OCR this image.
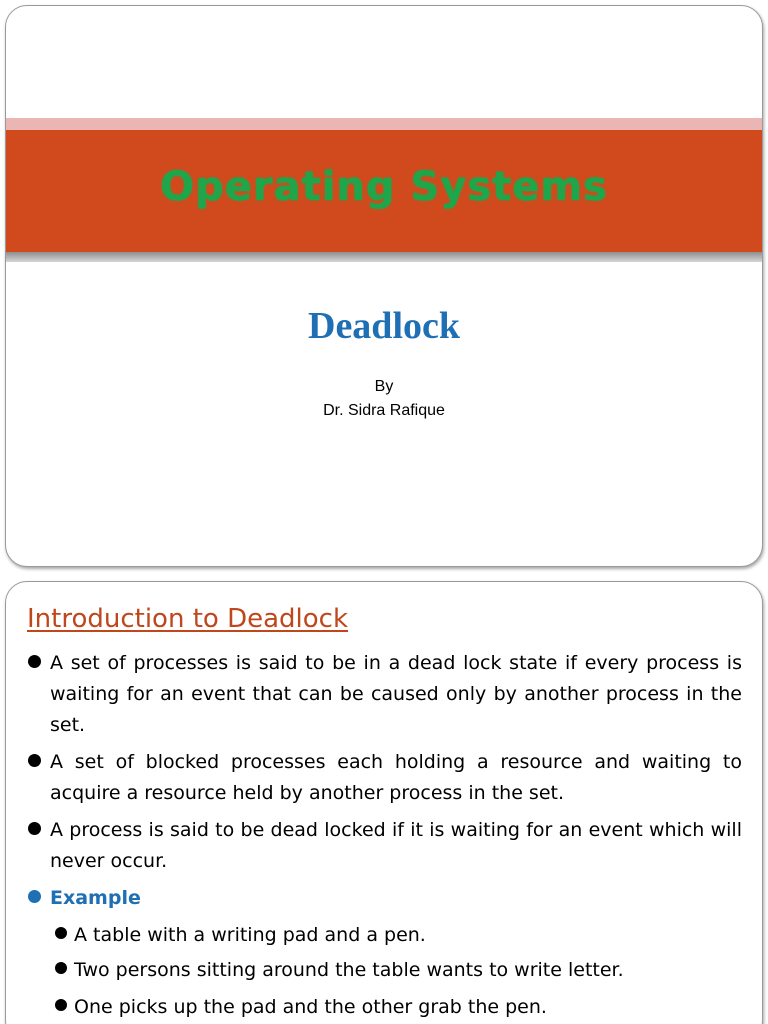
Operating Systems
Deadlock
By
Dr. Sidra Rafique
Introduction to Deadlock
A set of processes is said to be in a dead lock state if every process is waiting for an event that can be caused only by another process in the set.
A set of blocked processes each holding a resource and waiting to acquire a resource held by another process in the set.
A process is said to be dead locked if it is waiting for an event which will never occur.
Example
A table with a writing pad and a pen.
Two persons sitting around the table wants to write letter.
One picks up the pad and the other grab the pen.
